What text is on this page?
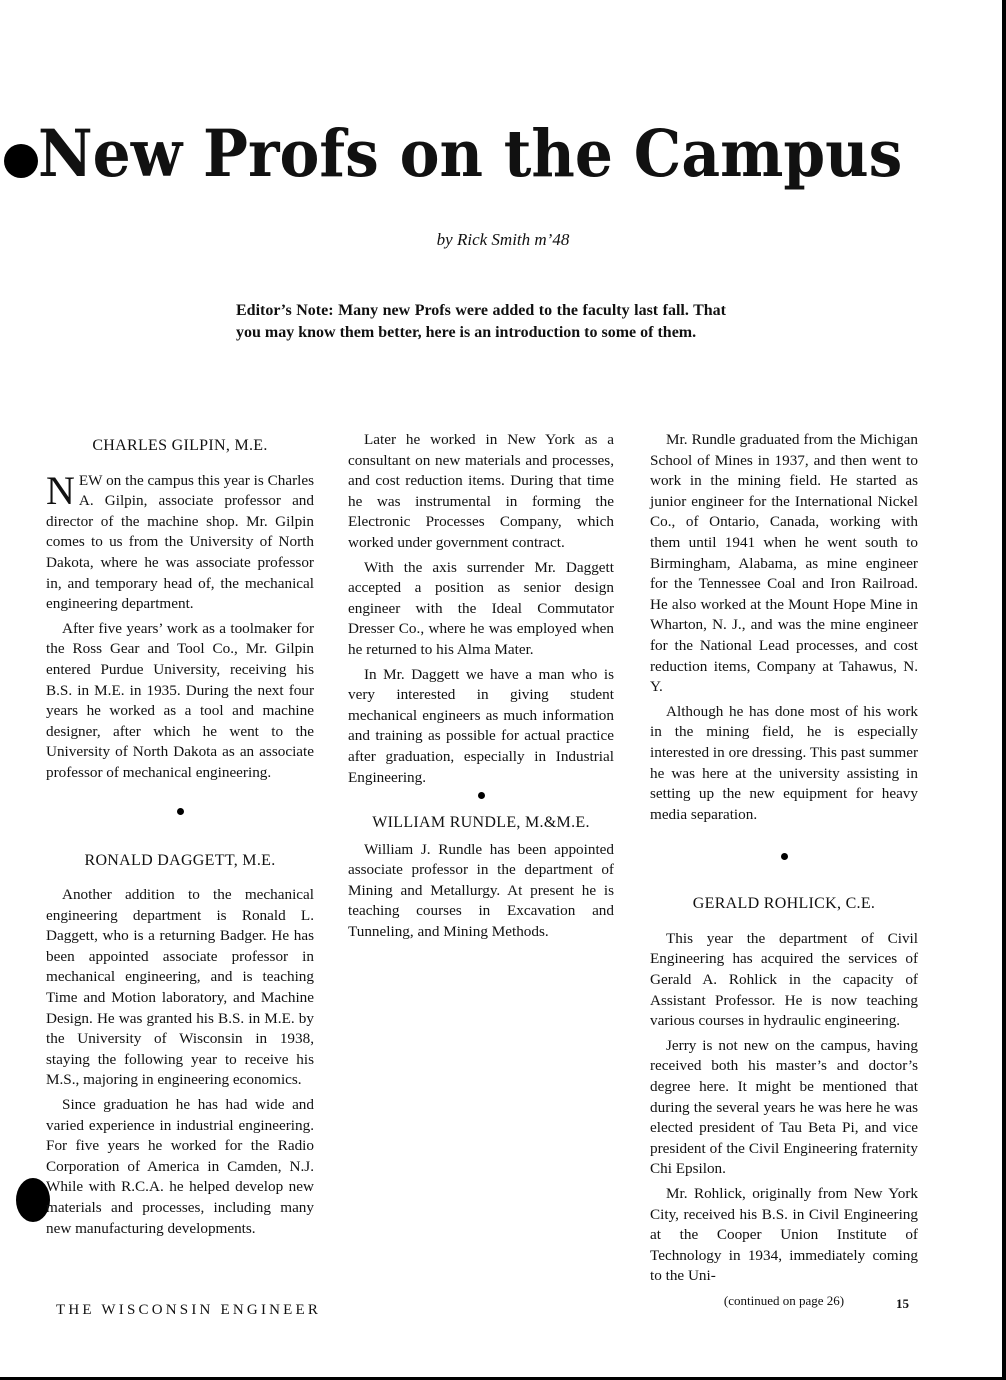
New Profs on the Campus
by Rick Smith m’48
Editor’s Note: Many new Profs were added to the faculty last fall. That you may know them better, here is an introduction to some of them.
CHARLES GILPIN, M.E.

NEW on the campus this year is Charles A. Gilpin, associate professor and director of the machine shop. Mr. Gilpin comes to us from the University of North Dakota, where he was associate professor in, and temporary head of, the mechanical engineering department.

After five years’ work as a toolmaker for the Ross Gear and Tool Co., Mr. Gilpin entered Purdue University, receiving his B.S. in M.E. in 1935. During the next four years he worked as a tool and machine designer, after which he went to the University of North Dakota as an associate professor of mechanical engineering.

RONALD DAGGETT, M.E.

Another addition to the mechanical engineering department is Ronald L. Daggett, who is a returning Badger. He has been appointed associate professor in mechanical engineering, and is teaching Time and Motion laboratory, and Machine Design. He was granted his B.S. in M.E. by the University of Wisconsin in 1938, staying the following year to receive his M.S., majoring in engineering economics.

Since graduation he has had wide and varied experience in industrial engineering. For five years he worked for the Radio Corporation of America in Camden, N.J. While with R.C.A. he helped develop new materials and processes, including many new manufacturing developments.

Later he worked in New York as a consultant on new materials and processes, and cost reduction items. During that time he was instrumental in forming the Electronic Processes Company, which worked under government contract.

With the axis surrender Mr. Daggett accepted a position as senior design engineer with the Ideal Commutator Dresser Co., where he was employed when he returned to his Alma Mater.

In Mr. Daggett we have a man who is very interested in giving student mechanical engineers as much information and training as possible for actual practice after graduation, especially in Industrial Engineering.

WILLIAM RUNDLE, M.&M.E.

William J. Rundle has been appointed associate professor in the department of Mining and Metallurgy. At present he is teaching courses in Excavation and Tunneling, and Mining Methods.

Mr. Rundle graduated from the Michigan School of Mines in 1937, and then went to work in the mining field. He started as junior engineer for the International Nickel Co., of Ontario, Canada, working with them until 1941 when he went south to Birmingham, Alabama, as mine engineer for the Tennessee Coal and Iron Railroad. He also worked at the Mount Hope Mine in Wharton, N. J., and was the mine engineer for the National Lead processes, and cost reduction items, Company at Tahawus, N. Y.

Although he has done most of his work in the mining field, he is especially interested in ore dressing. This past summer he was here at the university assisting in setting up the new equipment for heavy media separation.

GERALD ROHLICK, C.E.

This year the department of Civil Engineering has acquired the services of Gerald A. Rohlick in the capacity of Assistant Professor. He is now teaching various courses in hydraulic engineering.

Jerry is not new on the campus, having received both his master’s and doctor’s degree here. It might be mentioned that during the several years he was here he was elected president of Tau Beta Pi, and vice president of the Civil Engineering fraternity Chi Epsilon.

Mr. Rohlick, originally from New York City, received his B.S. in Civil Engineering at the Cooper Union Institute of Technology in 1934, immediately coming to the Uni-

(continued on page 26)

THE WISCONSIN ENGINEER	15
